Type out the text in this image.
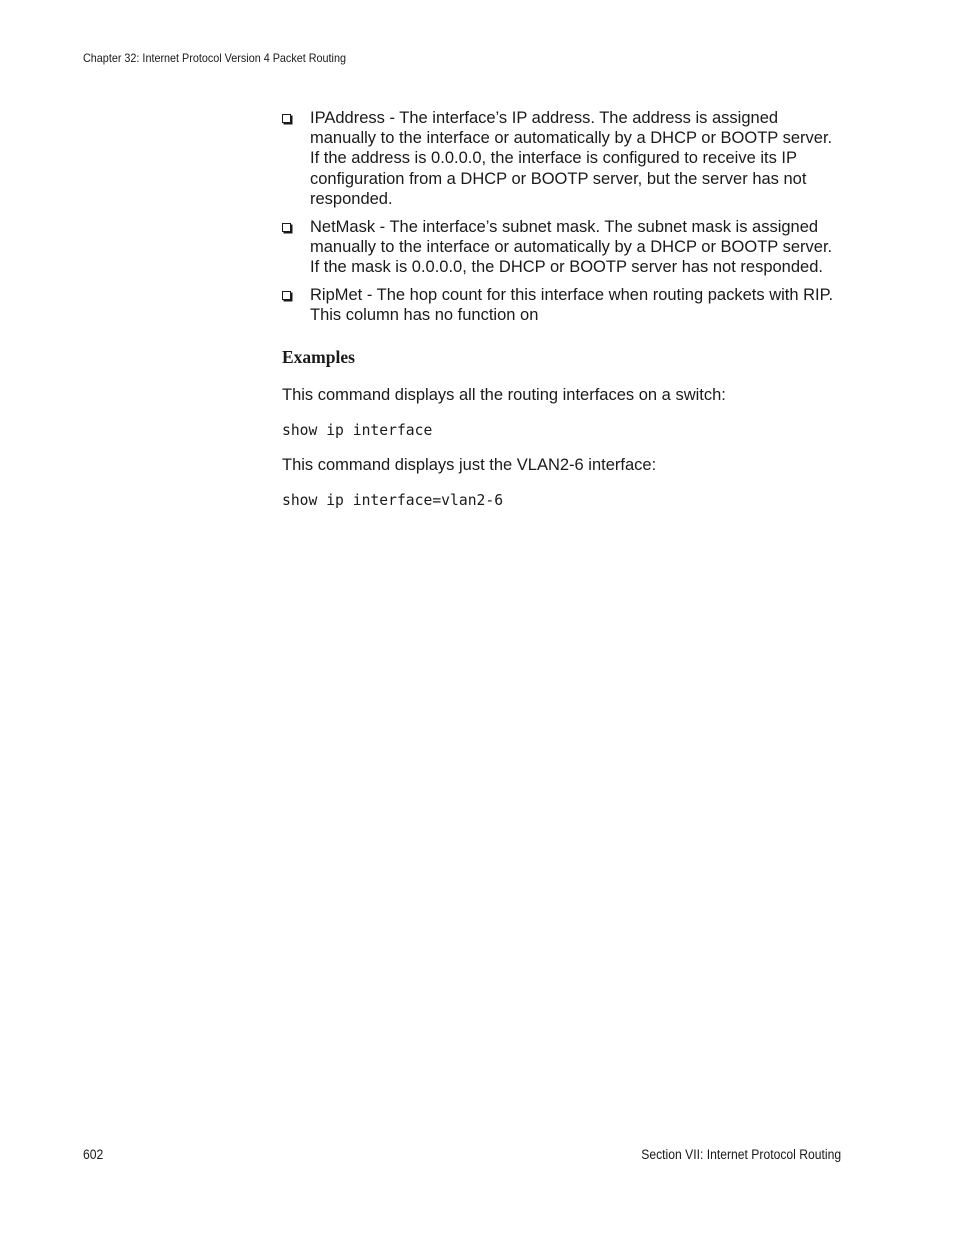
Chapter 32: Internet Protocol Version 4 Packet Routing
IPAddress - The interface’s IP address. The address is assigned manually to the interface or automatically by a DHCP or BOOTP server. If the address is 0.0.0.0, the interface is configured to receive its IP configuration from a DHCP or BOOTP server, but the server has not responded.
NetMask - The interface’s subnet mask. The subnet mask is assigned manually to the interface or automatically by a DHCP or BOOTP server. If the mask is 0.0.0.0, the DHCP or BOOTP server has not responded.
RipMet - The hop count for this interface when routing packets with RIP. This column has no function on
Examples

This command displays all the routing interfaces on a switch:

show ip interface

This command displays just the VLAN2-6 interface:

show ip interface=vlan2-6

602	Section VII: Internet Protocol Routing
